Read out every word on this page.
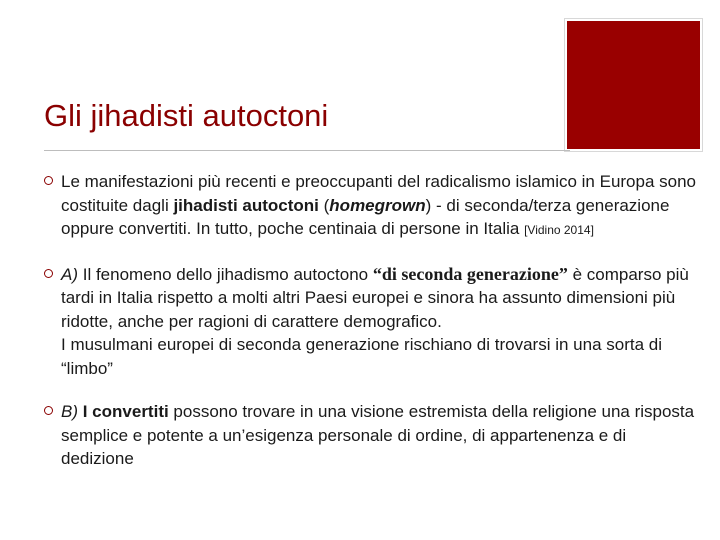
Gli jihadisti autoctoni
Le manifestazioni più recenti e preoccupanti del radicalismo islamico in Europa sono costituite dagli jihadisti autoctoni (homegrown) - di seconda/terza generazione oppure convertiti. In tutto, poche centinaia di persone in Italia [Vidino 2014]
A) Il fenomeno dello jihadismo autoctono “di seconda generazione” è comparso più tardi in Italia rispetto a molti altri Paesi europei e sinora ha assunto dimensioni più ridotte, anche per ragioni di carattere demografico.
I musulmani europei di seconda generazione rischiano di trovarsi in una sorta di “limbo”
B) I convertiti possono trovare in una visione estremista della religione una risposta semplice e potente a un’esigenza personale di ordine, di appartenenza e di dedizione
